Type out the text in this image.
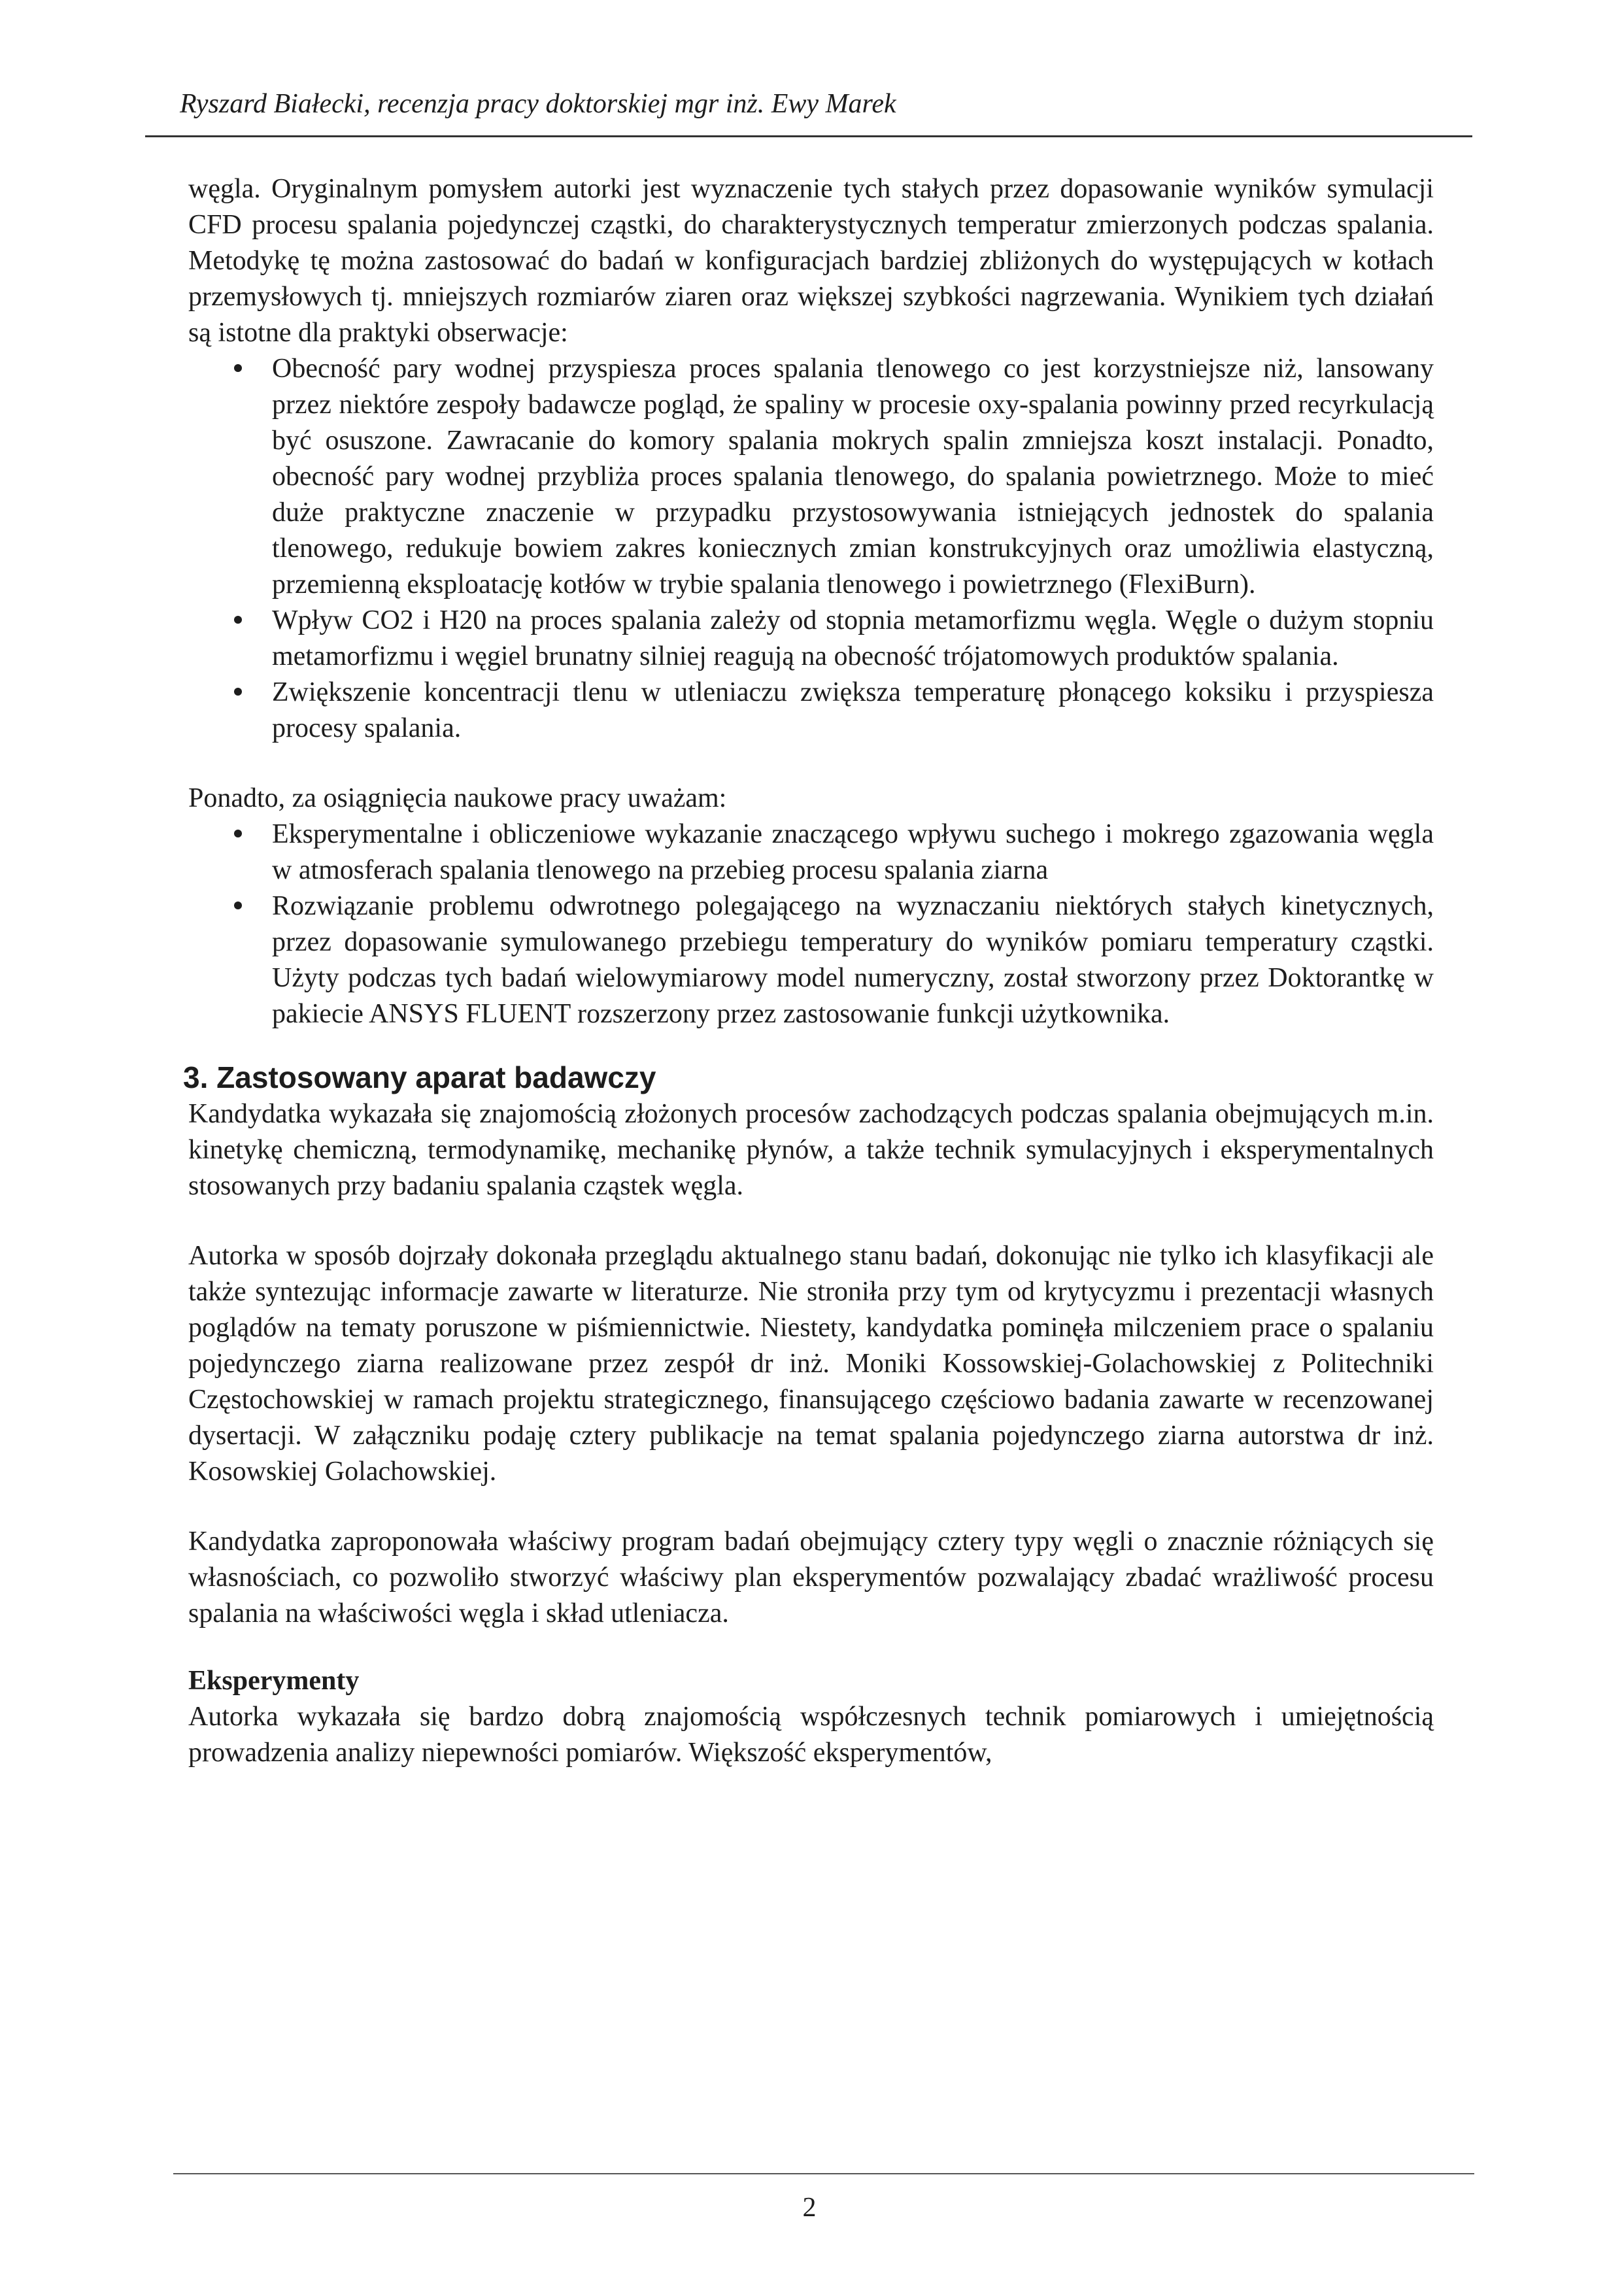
Ryszard Białecki, recenzja pracy doktorskiej mgr inż. Ewy Marek

węgla. Oryginalnym pomysłem autorki jest wyznaczenie tych stałych przez dopasowanie wyników symulacji CFD procesu spalania pojedynczej cząstki, do charakterystycznych temperatur zmierzonych podczas spalania. Metodykę tę można zastosować do badań w konfiguracjach bardziej zbliżonych do występujących w kotłach przemysłowych tj. mniejszych rozmiarów ziaren oraz większej szybkości nagrzewania. Wynikiem tych działań są istotne dla praktyki obserwacje:

Obecność pary wodnej przyspiesza proces spalania tlenowego co jest korzystniejsze niż, lansowany przez niektóre zespoły badawcze pogląd, że spaliny w procesie oxy-spalania powinny przed recyrkulacją być osuszone. Zawracanie do komory spalania mokrych spalin zmniejsza koszt instalacji. Ponadto, obecność pary wodnej przybliża proces spalania tlenowego, do spalania powietrznego. Może to mieć duże praktyczne znaczenie w przypadku przystosowywania istniejących jednostek do spalania tlenowego, redukuje bowiem zakres koniecznych zmian konstrukcyjnych oraz umożliwia elastyczną, przemienną eksploatację kotłów w trybie spalania tlenowego i powietrznego (FlexiBurn).
Wpływ CO2 i H20 na proces spalania zależy od stopnia metamorfizmu węgla. Węgle o dużym stopniu metamorfizmu i węgiel brunatny silniej reagują na obecność trójatomowych produktów spalania.
Zwiększenie koncentracji tlenu w utleniaczu zwiększa temperaturę płonącego koksiku i przyspiesza procesy spalania.

Ponadto, za osiągnięcia naukowe pracy uważam:

Eksperymentalne i obliczeniowe wykazanie znaczącego wpływu suchego i mokrego zgazowania węgla w atmosferach spalania tlenowego na przebieg procesu spalania ziarna
Rozwiązanie problemu odwrotnego polegającego na wyznaczaniu niektórych stałych kinetycznych, przez dopasowanie symulowanego przebiegu temperatury do wyników pomiaru temperatury cząstki. Użyty podczas tych badań wielowymiarowy model numeryczny, został stworzony przez Doktorantkę w pakiecie ANSYS FLUENT rozszerzony przez zastosowanie funkcji użytkownika.
3. Zastosowany aparat badawczy

Kandydatka wykazała się znajomością złożonych procesów zachodzących podczas spalania obejmujących m.in. kinetykę chemiczną, termodynamikę, mechanikę płynów, a także technik symulacyjnych i eksperymentalnych stosowanych przy badaniu spalania cząstek węgla.

Autorka w sposób dojrzały dokonała przeglądu aktualnego stanu badań, dokonując nie tylko ich klasyfikacji ale także syntezując informacje zawarte w literaturze. Nie stroniła przy tym od krytycyzmu i prezentacji własnych poglądów na tematy poruszone w piśmiennictwie. Niestety, kandydatka pominęła milczeniem prace o spalaniu pojedynczego ziarna realizowane przez zespół dr inż. Moniki Kossowskiej-Golachowskiej z Politechniki Częstochowskiej w ramach projektu strategicznego, finansującego częściowo badania zawarte w recenzowanej dysertacji. W załączniku podaję cztery publikacje na temat spalania pojedynczego ziarna autorstwa dr inż. Kosowskiej Golachowskiej.

Kandydatka zaproponowała właściwy program badań obejmujący cztery typy węgli o znacznie różniących się własnościach, co pozwoliło stworzyć właściwy plan eksperymentów pozwalający zbadać wrażliwość procesu spalania na właściwości węgla i skład utleniacza.

Eksperymenty

Autorka wykazała się bardzo dobrą znajomością współczesnych technik pomiarowych i umiejętnością prowadzenia analizy niepewności pomiarów. Większość eksperymentów,

2
